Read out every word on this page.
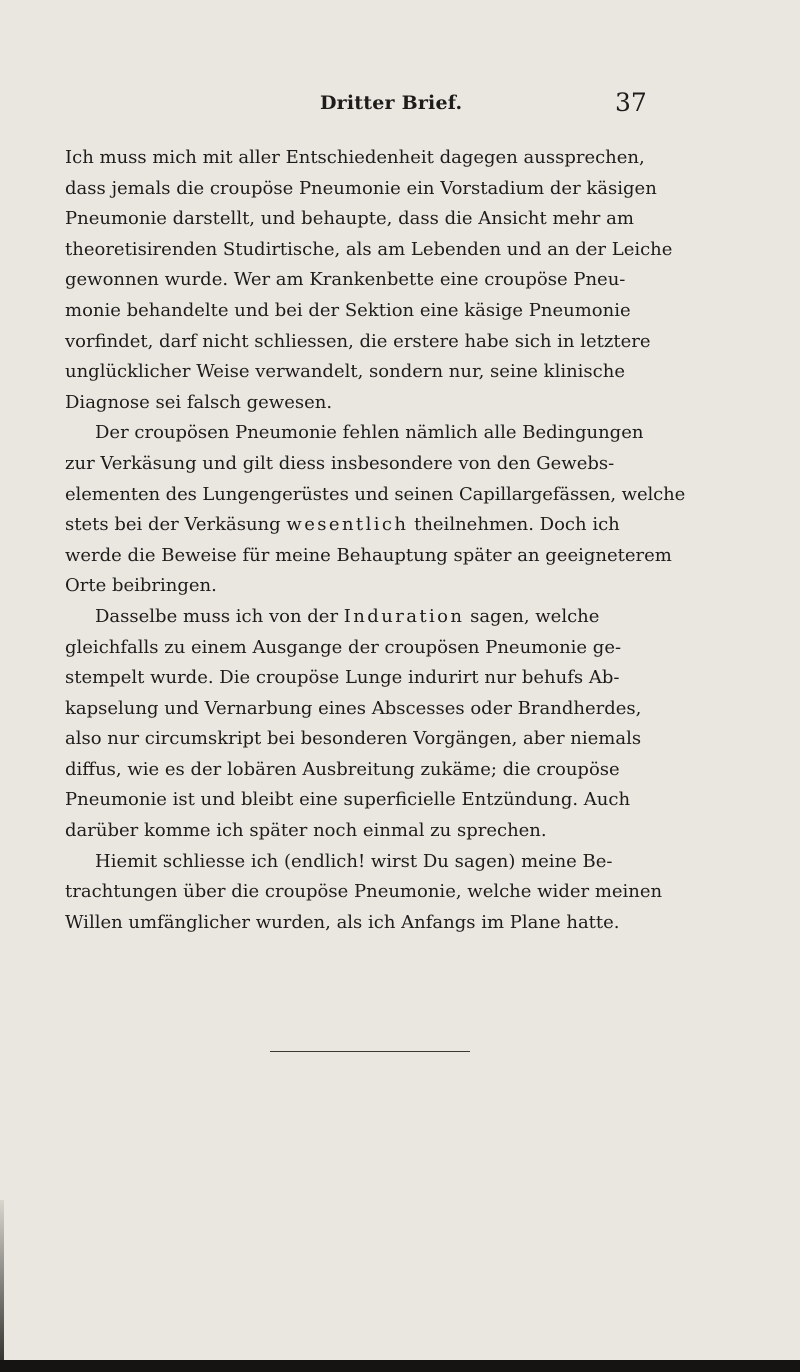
Dritter Brief.	37
Ich muss mich mit aller Entschiedenheit dagegen aussprechen,
dass jemals die croupöse Pneumonie ein Vorstadium der käsigen
Pneumonie darstellt, und behaupte, dass die Ansicht mehr am
theoretisirenden Studirtische, als am Lebenden und an der Leiche
gewonnen wurde. Wer am Krankenbette eine croupöse Pneu-
monie behandelte und bei der Sektion eine käsige Pneumonie
vorfindet, darf nicht schliessen, die erstere habe sich in letztere
unglücklicher Weise verwandelt, sondern nur, seine klinische
Diagnose sei falsch gewesen.
Der croupösen Pneumonie fehlen nämlich alle Bedingungen
zur Verkäsung und gilt diess insbesondere von den Gewebs-
elementen des Lungengerüstes und seinen Capillargefässen, welche
stets bei der Verkäsung wesentlich theilnehmen. Doch ich
werde die Beweise für meine Behauptung später an geeigneterem
Orte beibringen.
Dasselbe muss ich von der Induration sagen, welche
gleichfalls zu einem Ausgange der croupösen Pneumonie ge-
stempelt wurde. Die croupöse Lunge indurirt nur behufs Ab-
kapselung und Vernarbung eines Abscesses oder Brandherdes,
also nur circumskript bei besonderen Vorgängen, aber niemals
diffus, wie es der lobären Ausbreitung zukäme; die croupöse
Pneumonie ist und bleibt eine superficielle Entzündung. Auch
darüber komme ich später noch einmal zu sprechen.
Hiemit schliesse ich (endlich! wirst Du sagen) meine Be-
trachtungen über die croupöse Pneumonie, welche wider meinen
Willen umfänglicher wurden, als ich Anfangs im Plane hatte.
